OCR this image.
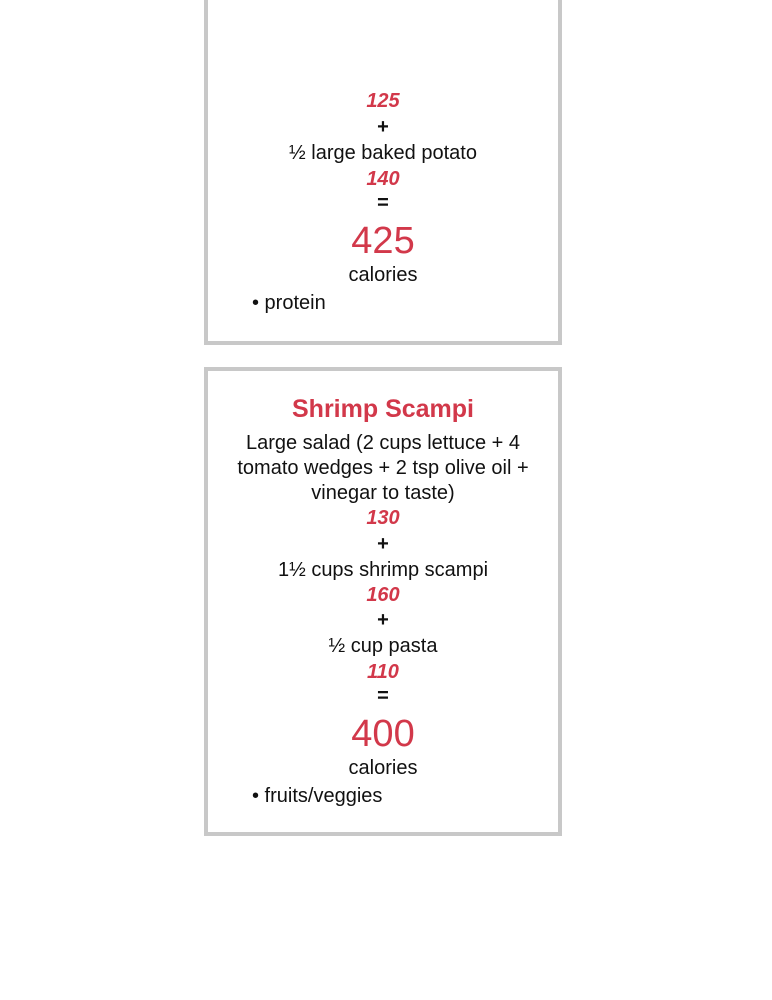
125
+
½ large baked potato
140
=
425
calories
• protein
Shrimp Scampi
Large salad (2 cups lettuce + 4 tomato wedges + 2 tsp olive oil + vinegar to taste)
130
+
1½ cups shrimp scampi
160
+
½ cup pasta
110
=
400
calories
• fruits/veggies
